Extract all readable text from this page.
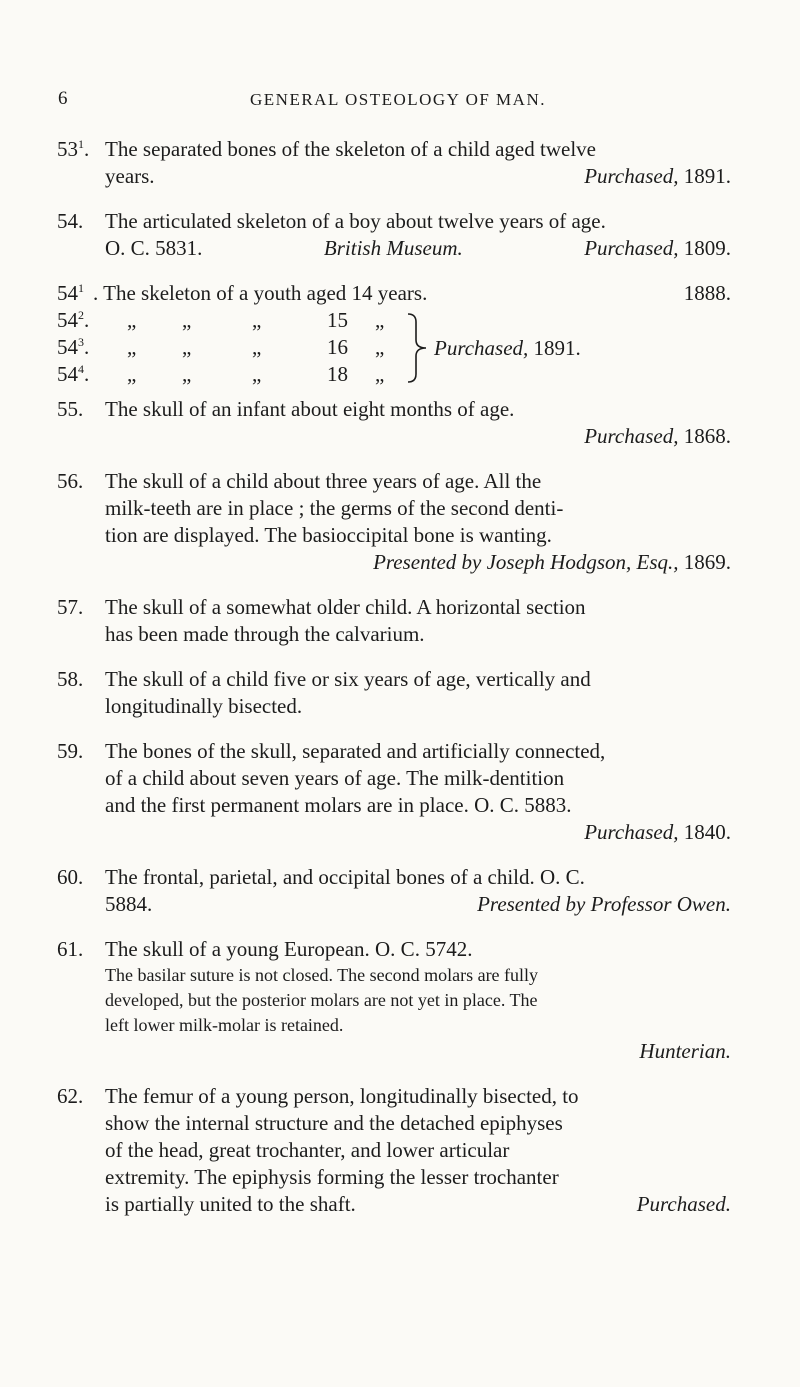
6	GENERAL OSTEOLOGY OF MAN.
$53^1$. The separated bones of the skeleton of a child aged twelve
years.	Purchased, 1891.
54. The articulated skeleton of a boy about twelve years of age.
O. C. 5831.	British Museum.	Purchased, 1809.
$54^1$ . The skeleton of a youth aged 14 years.	1888.
$54^2$. „ „	„	15 „
$54^3$. „ „	„	16 „
$54^4$. „ „	„	18 „
Purchased, 1891.
55. The skull of an infant about eight months of age.
Purchased, 1868.
56. The skull of a child about three years of age. All the
milk-teeth are in place ; the germs of the second denti-
tion are displayed. The basioccipital bone is wanting.
Presented by Joseph Hodgson, Esq., 1869.
57. The skull of a somewhat older child. A horizontal section
has been made through the calvarium.
58. The skull of a child five or six years of age, vertically and
longitudinally bisected.
59. The bones of the skull, separated and artificially connected,
of a child about seven years of age. The milk-dentition
and the first permanent molars are in place. O. C. 5883.
Purchased, 1840.
60. The frontal, parietal, and occipital bones of a child. O. C.
5884.	Presented by Professor Owen.
61. The skull of a young European. O. C. 5742.
The basilar suture is not closed. The second molars are fully
developed, but the posterior molars are not yet in place. The
left lower milk-molar is retained.
Hunterian.
62. The femur of a young person, longitudinally bisected, to
show the internal structure and the detached epiphyses
of the head, great trochanter, and lower articular
extremity. The epiphysis forming the lesser trochanter
is partially united to the shaft.	Purchased.
